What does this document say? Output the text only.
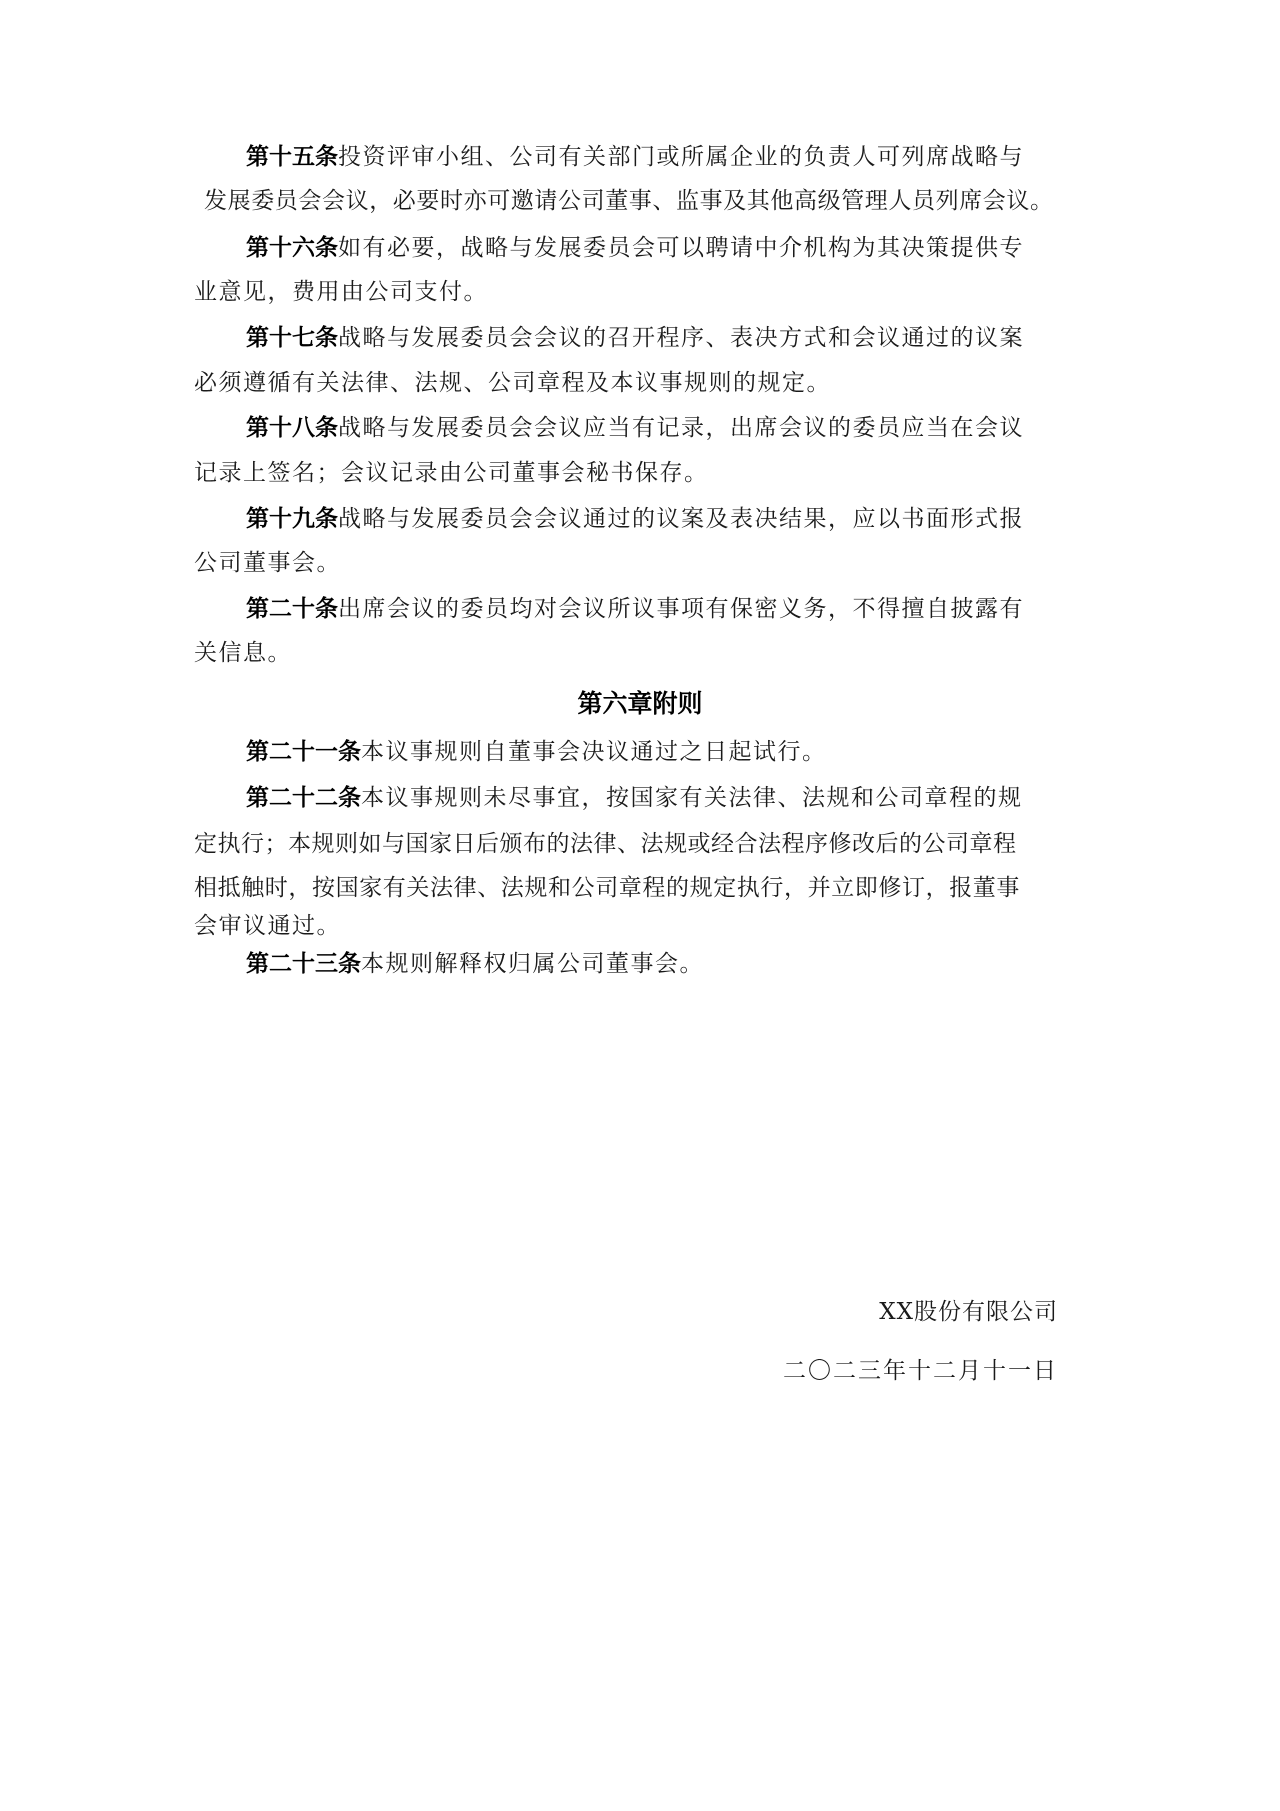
第十五条投资评审小组、公司有关部门或所属企业的负责人可列席战略与
发展委员会会议，必要时亦可邀请公司董事、监事及其他高级管理人员列席会议。
第十六条如有必要，战略与发展委员会可以聘请中介机构为其决策提供专
业意见，费用由公司支付。
第十七条战略与发展委员会会议的召开程序、表决方式和会议通过的议案
必须遵循有关法律、法规、公司章程及本议事规则的规定。
第十八条战略与发展委员会会议应当有记录，出席会议的委员应当在会议
记录上签名；会议记录由公司董事会秘书保存。
第十九条战略与发展委员会会议通过的议案及表决结果，应以书面形式报
公司董事会。
第二十条出席会议的委员均对会议所议事项有保密义务，不得擅自披露有
关信息。
第六章附则
第二十一条本议事规则自董事会决议通过之日起试行。
第二十二条本议事规则未尽事宜，按国家有关法律、法规和公司章程的规
定执行；本规则如与国家日后颁布的法律、法规或经合法程序修改后的公司章程
相抵触时，按国家有关法律、法规和公司章程的规定执行，并立即修订，报董事
会审议通过。
第二十三条本规则解释权归属公司董事会。
XX股份有限公司
二〇二三年十二月十一日
